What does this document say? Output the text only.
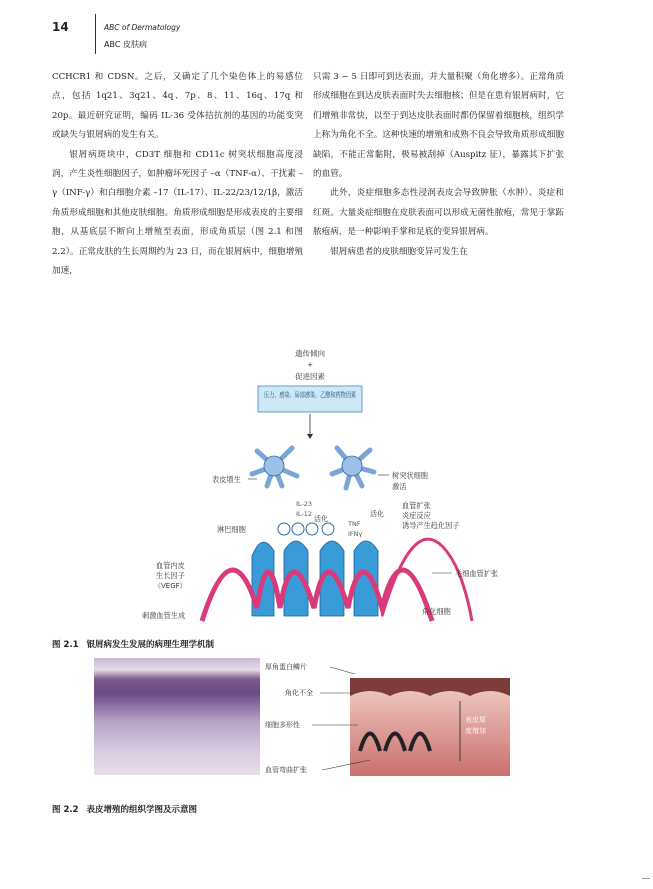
14	ABC of Dermatology
ABC 皮肤病

CCHCR1 和 CDSN。之后，又确定了几个染色体上的易感位点，包括 1q21、3q21、4q、7p、8、11、16q、17q 和 20p。最近研究证明，编码 IL-36 受体拮抗剂的基因的功能变突或缺失与银屑病的发生有关。

银屑病斑块中，CD3T 细胞和 CD11c 树突状细胞高度浸润，产生炎性细胞因子，如肿瘤坏死因子 –α（TNF-α）、干扰素 –γ（INF-γ）和白细胞介素 –17（IL-17）、IL-22/23/12/1β，激活角质形成细胞和其他皮肤细胞。角质形成细胞是形成表皮的主要细胞，从基底层不断向上增殖至表面，形成角质层（图 2.1 和图 2.2）。正常皮肤的生长周期约为 23 日，而在银屑病中，细胞增殖加速，

只需 3 ~ 5 日即可到达表面，并大量积聚（角化增多）。正常角质形成细胞在到达皮肤表面时失去细胞核；但是在患有银屑病时，它们增殖非常快，以至于到达皮肤表面时都仍保留着细胞核，组织学上称为角化不全。这种快速的增殖和成熟不良会导致角质形成细胞缺陷，不能正常黏附，极易被刮掉（Auspitz 征），暴露其下扩张的血管。

此外，炎症细胞多态性浸润表皮会导致肿胀（水肿）、炎症和红斑。大量炎症细胞在皮肤表面可以形成无菌性脓疱，常见于掌跖脓疱病，是一种影响手掌和足底的变异银屑病。

银屑病患者的皮肤细胞变异可发生在

遗传倾向
+
促进因素
压力、感染、局部感染、乙醇和药物因素
表皮增生	树突状细胞
激活
IL-23
IL-12
活化
淋巴细胞
TNF
IFNγ
活化
血管扩张
炎症反应
诱导产生趋化因子
血管内皮
生长因子
（VEGF）
毛细血管扩张
刺激血管生成	角化细胞
图 2.1 银屑病发生发展的病理生理学机制
厚角蛋白鳞片
角化不全
细胞多形性
血管弯曲扩张
表皮厚
度增加
图 2.2 表皮增殖的组织学图及示意图
